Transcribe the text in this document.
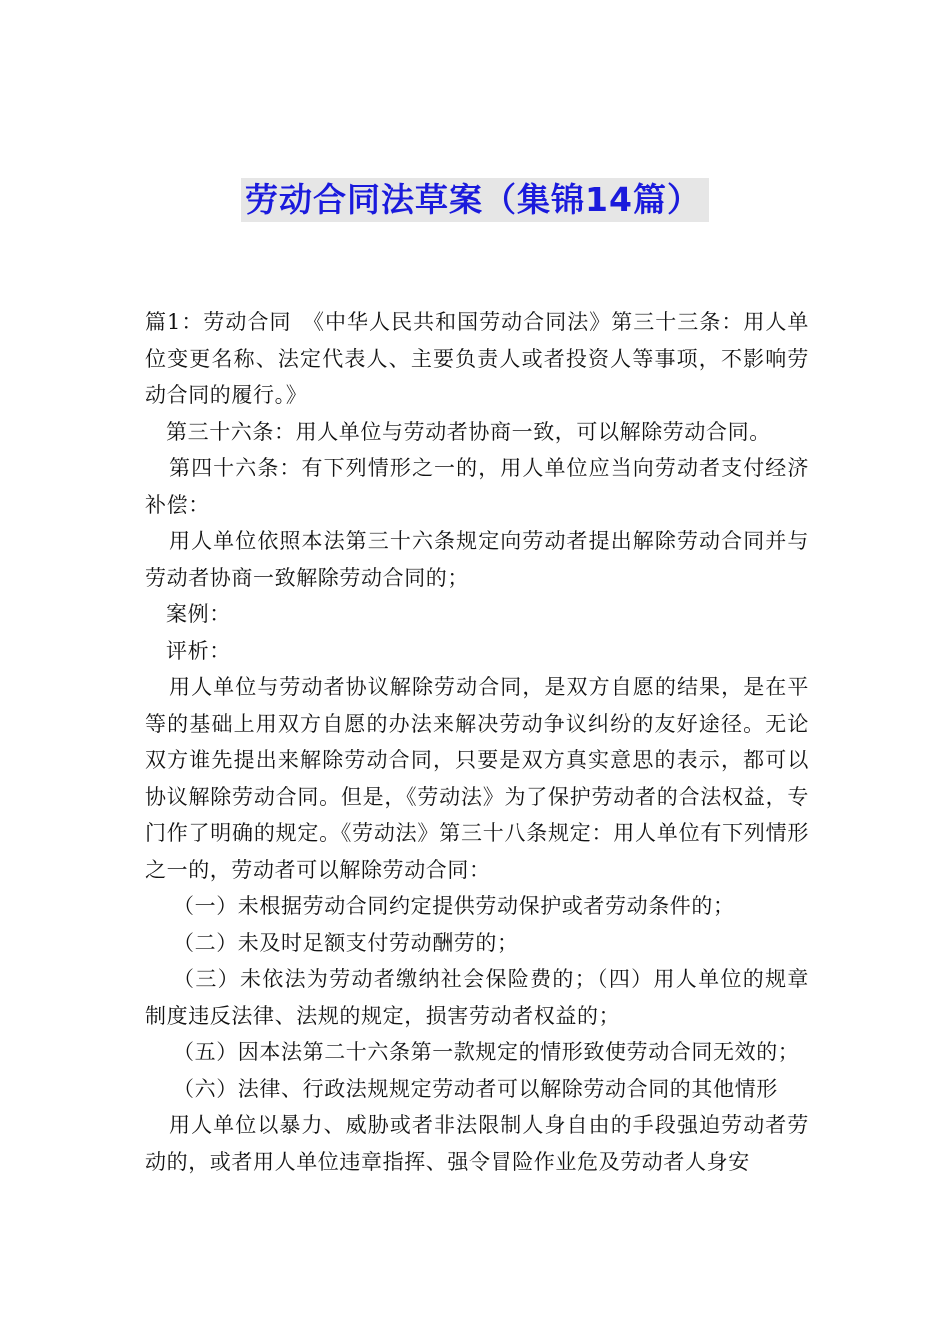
劳动合同法草案（集锦14篇）

篇1：劳动合同　《中华人民共和国劳动合同法》第三十三条：用人单位变更名称、法定代表人、主要负责人或者投资人等事项，不影响劳动合同的履行。》

第三十六条：用人单位与劳动者协商一致，可以解除劳动合同。

第四十六条：有下列情形之一的，用人单位应当向劳动者支付经济补偿：

用人单位依照本法第三十六条规定向劳动者提出解除劳动合同并与劳动者协商一致解除劳动合同的；

案例：

评析：

用人单位与劳动者协议解除劳动合同，是双方自愿的结果，是在平等的基础上用双方自愿的办法来解决劳动争议纠纷的友好途径。无论双方谁先提出来解除劳动合同，只要是双方真实意思的表示，都可以协议解除劳动合同。但是，《劳动法》为了保护劳动者的合法权益，专门作了明确的规定。《劳动法》第三十八条规定：用人单位有下列情形之一的，劳动者可以解除劳动合同：

（一）未根据劳动合同约定提供劳动保护或者劳动条件的；

（二）未及时足额支付劳动酬劳的；

（三）未依法为劳动者缴纳社会保险费的；（四）用人单位的规章制度违反法律、法规的规定，损害劳动者权益的；

（五）因本法第二十六条第一款规定的情形致使劳动合同无效的；

（六）法律、行政法规规定劳动者可以解除劳动合同的其他情形

用人单位以暴力、威胁或者非法限制人身自由的手段强迫劳动者劳动的，或者用人单位违章指挥、强令冒险作业危及劳动者人身安
